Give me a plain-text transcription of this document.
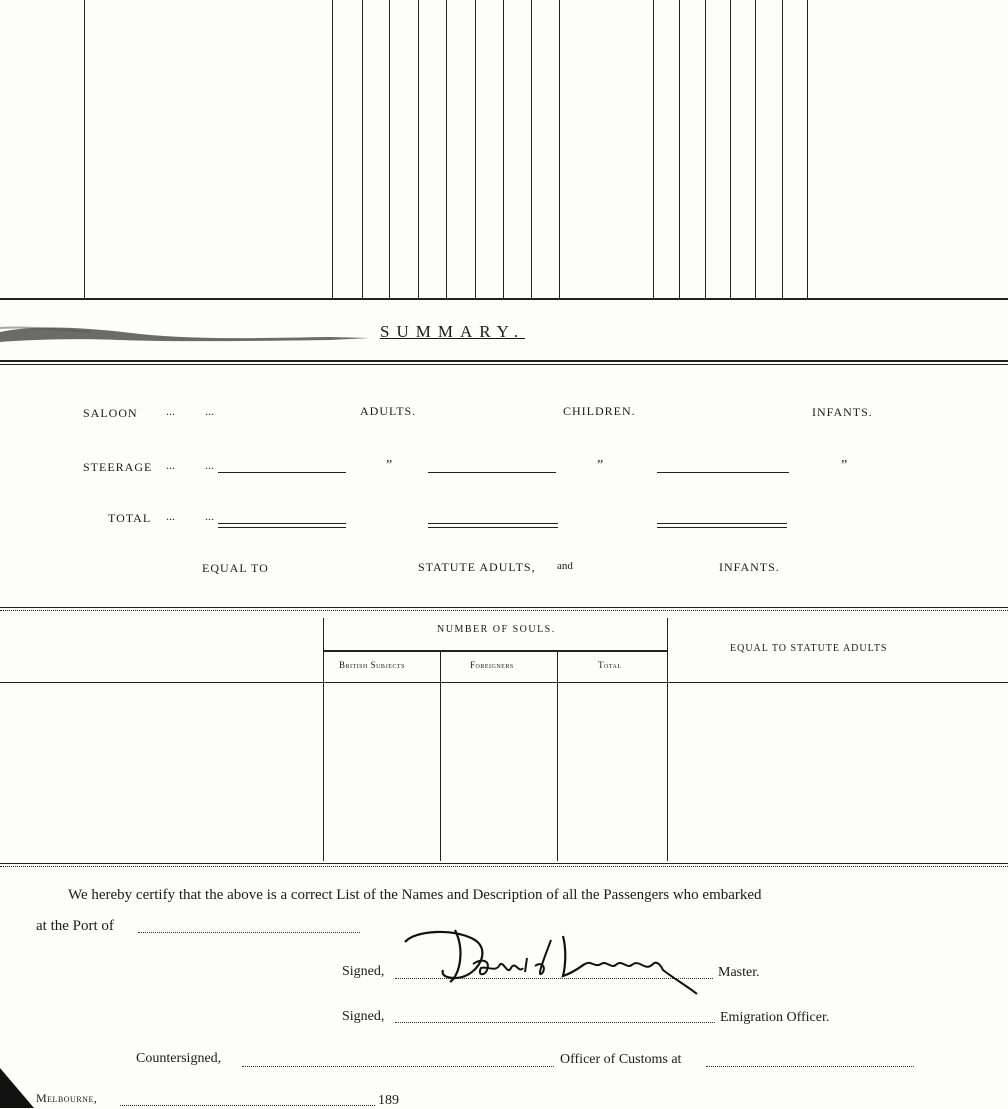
SUMMARY.
SALOON ...	...	ADULTS.	CHILDREN.	INFANTS.
STEERAGE ...	...	”	”	”
TOTAL ...	...
EQUAL TO	STATUTE ADULTS, and	INFANTS.
NUMBER OF SOULS.
British Subjects	Foreigners	Total
EQUAL TO STATUTE ADULTS
We hereby certify that the above is a correct List of the Names and Description of all the Passengers who embarked
at the Port of
Signed,	Master.
Signed,	Emigration Officer.
Countersigned,	Officer of Customs at
Melbourne,	189
